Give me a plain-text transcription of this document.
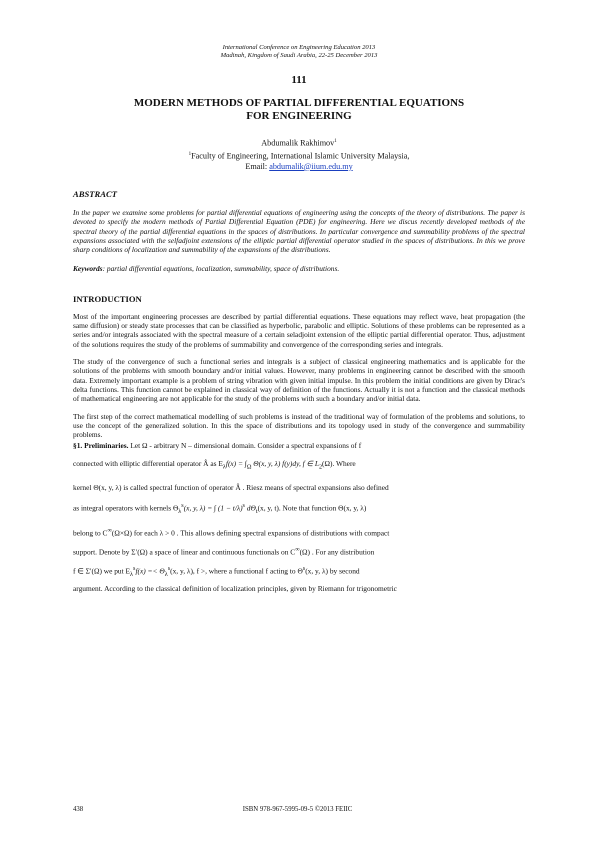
International Conference on Engineering Education 2013
Madinah, Kingdom of Saudi Arabia, 22-25 December 2013
111
MODERN METHODS OF PARTIAL DIFFERENTIAL EQUATIONS
FOR ENGINEERING
Abdumalik Rakhimov$^1$
$^1$Faculty of Engineering, International Islamic University Malaysia,
Email: abdumalik@iium.edu.my
ABSTRACT
In the paper we examine some problems for partial differential equations of engineering using the concepts of the theory of distributions. The paper is devoted to specify the modern methods of Partial Differential Equation (PDE) for engineering. Here we discus recently developed methods of the spectral theory of the partial differential equations in the spaces of distributions. In particular convergence and summability problems of the spectral expansions associated with the selfadjoint extensions of the elliptic partial differential operator studied in the spaces of distributions. In this we prove sharp conditions of localization and summability of the expansions of the distributions.
Keywords: partial differential equations, localization, summability, space of distributions.
INTRODUCTION

Most of the important engineering processes are described by partial differential equations. These equations may reflect wave, heat propagation (the same diffusion) or steady state processes that can be classified as hyperbolic, parabolic and elliptic. Solutions of these problems can be represented as a series and/or integrals associated with the spectral measure of a certain seladjoint extension of the elliptic partial differential operator. Thus, adjustment of the solutions requires the study of the problems of summability and convergence of the corresponding series and integrals.

The study of the convergence of such a functional series and integrals is a subject of classical engineering mathematics and is applicable for the solutions of the problems with smooth boundary and/or initial values. However, many problems in engineering cannot be described with the smooth data. Extremely important example is a problem of string vibration with given initial impulse. In this problem the initial conditions are given by Dirac's delta functions. This function cannot be explained in classical way of definition of the functions. Actually it is not a function and the classical methods of mathematical engineering are not applicable for the study of the problems with such a boundary and/or initial data.

The first step of the correct mathematical modelling of such problems is instead of the traditional way of formulation of the problems and solutions, to use the concept of the generalized solution. In this the space of distributions and its topology used in study of the convergence and summability problems.

§1. Preliminaries. Let Ω - arbitrary N – dimensional domain. Consider a spectral expansions of f

connected with elliptic differential operator Â as $E_\lambda f(x) = \int_\Omega$ Θ(x, y, λ) f(y)dy, f ∈ $L_2(\Omega)$. Where

kernel Θ(x, y, λ) is called spectral function of operator Â . Riesz means of spectral expansions also defined

as integral operators with kernels $\Theta_\lambda^s(x$, y, λ) = ∫ $(1 - t/\lambda)^s$ $d\Theta_t(x$, y, t). Note that function Θ(x, y, λ)

belong to C∞(Ω×Ω) for each λ > 0 . This allows defining spectral expansions of distributions with compact

support. Denote by Σ′(Ω) a space of linear and continuous functionals on C∞(Ω) . For any distribution

f ∈ Σ′(Ω) we put $E_\lambda^sf(x) =< \Theta_\lambda^s(x$, y, λ), f >, where a functional f acting to $\Theta^s(x$, y, λ) by second

argument. According to the classical definition of localization principles, given by Riemann for trigonometric

438	ISBN 978-967-5995-09-5 ©2013 FEIIC
